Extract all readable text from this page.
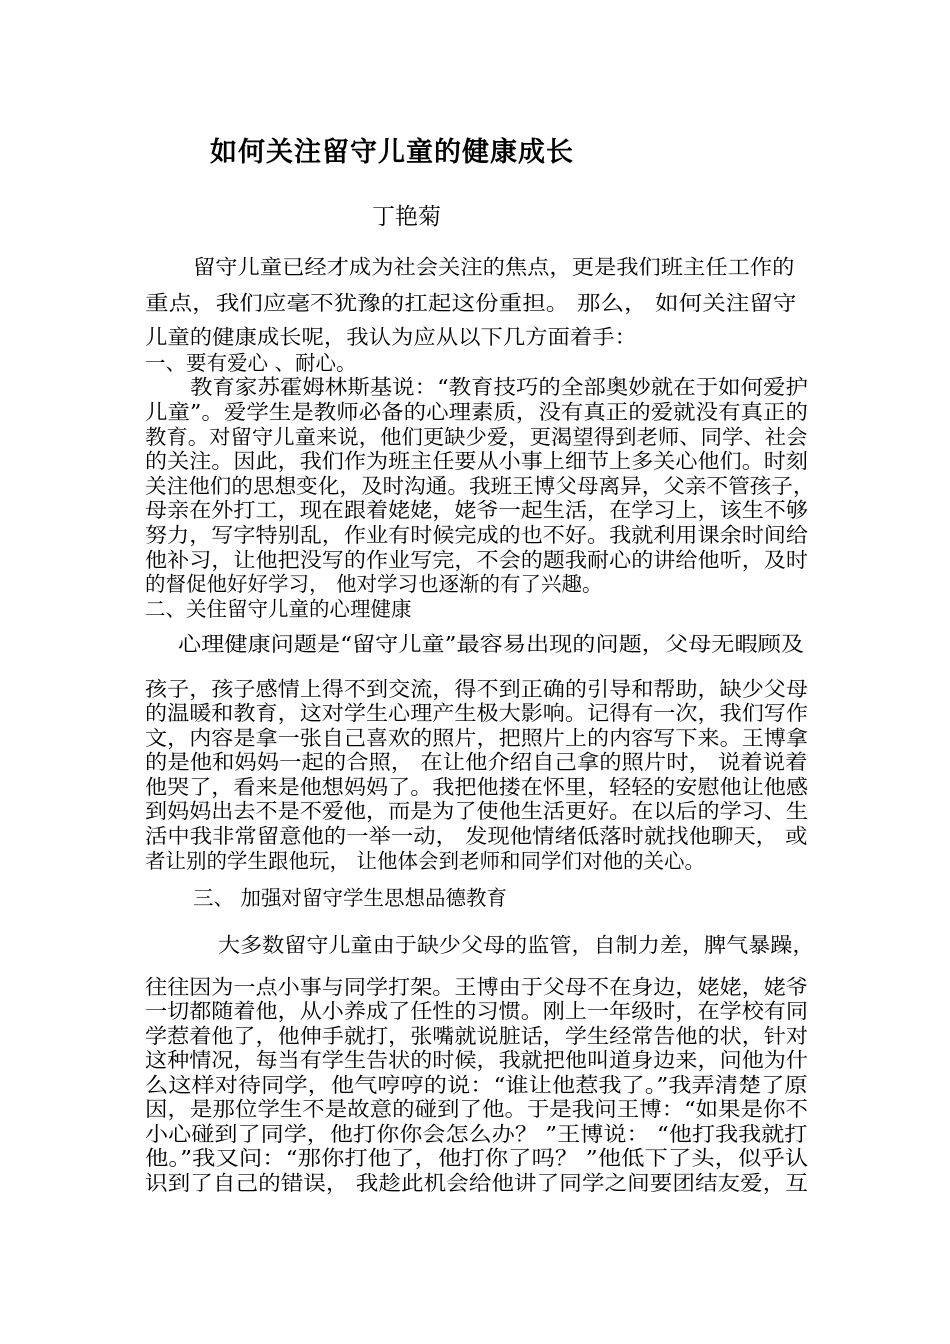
如何关注留守儿童的健康成长
丁艳菊
留守儿童已经才成为社会关注的焦点，更是我们班主任工作的
重点，我们应毫不犹豫的扛起这份重担。 那么， 如何关注留守
儿童的健康成长呢，我认为应从以下几方面着手：
一、要有爱心 、耐心。
教育家苏霍姆林斯基说：“教育技巧的全部奥妙就在于如何爱护
儿童”。爱学生是教师必备的心理素质，没有真正的爱就没有真正的
教育。对留守儿童来说，他们更缺少爱，更渴望得到老师、同学、社会
的关注。因此，我们作为班主任要从小事上细节上多关心他们。时刻
关注他们的思想变化，及时沟通。我班王博父母离异，父亲不管孩子，
母亲在外打工，现在跟着姥姥，姥爷一起生活，在学习上，该生不够
努力，写字特别乱，作业有时候完成的也不好。我就利用课余时间给
他补习，让他把没写的作业写完，不会的题我耐心的讲给他听，及时
的督促他好好学习， 他对学习也逐渐的有了兴趣。
二、关住留守儿童的心理健康
心理健康问题是“留守儿童”最容易出现的问题，父母无暇顾及
孩子，孩子感情上得不到交流，得不到正确的引导和帮助，缺少父母
的温暖和教育，这对学生心理产生极大影响。记得有一次，我们写作
文，内容是拿一张自己喜欢的照片，把照片上的内容写下来。王博拿
的是他和妈妈一起的合照， 在让他介绍自己拿的照片时， 说着说着
他哭了，看来是他想妈妈了。我把他搂在怀里，轻轻的安慰他让他感
到妈妈出去不是不爱他，而是为了使他生活更好。在以后的学习、生
活中我非常留意他的一举一动， 发现他情绪低落时就找他聊天， 或
者让别的学生跟他玩， 让他体会到老师和同学们对他的关心。
三、 加强对留守学生思想品德教育
大多数留守儿童由于缺少父母的监管，自制力差，脾气暴躁，
往往因为一点小事与同学打架。王博由于父母不在身边，姥姥，姥爷
一切都随着他，从小养成了任性的习惯。刚上一年级时，在学校有同
学惹着他了，他伸手就打，张嘴就说脏话，学生经常告他的状，针对
这种情况，每当有学生告状的时候，我就把他叫道身边来，问他为什
么这样对待同学，他气哼哼的说：“谁让他惹我了。”我弄清楚了原
因，是那位学生不是故意的碰到了他。于是我问王博：“如果是你不
小心碰到了同学，他打你你会怎么办？ ”王博说： “他打我我就打
他。”我又问：“那你打他了，他打你了吗？ ”他低下了头，似乎认
识到了自己的错误， 我趁此机会给他讲了同学之间要团结友爱，互
